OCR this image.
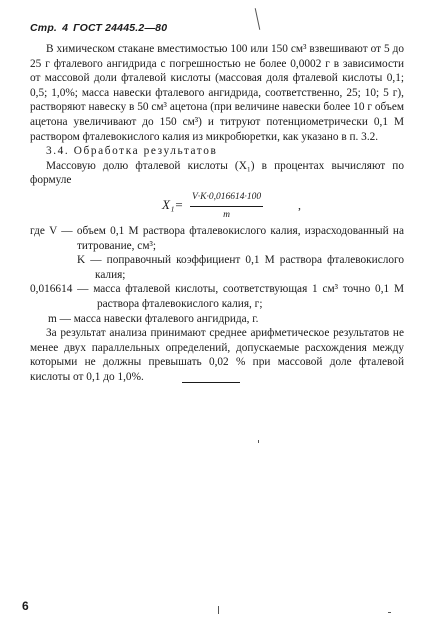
Стр. 4 ГОСТ 24445.2—80

В химическом стакане вместимостью 100 или 150 см³ взвешивают от 5 до 25 г фталевого ангидрида с погрешностью не более 0,0002 г в зависимости от массовой доли фталевой кислоты (массовая доля фталевой кислоты 0,1; 0,5; 1,0%; масса навески фталевого ангидрида, соответственно, 25; 10; 5 г), растворяют навеску в 50 см³ ацетона (при величине навески более 10 г объем ацетона увеличивают до 150 см³) и титруют потенциометрически 0,1 М раствором фталевокислого калия из микробюретки, как указано в п. 3.2.

3.4. Обработка результатов

Массовую долю фталевой кислоты (X₁) в процентах вычисляют по формуле

$X_1= \frac{V\cdot K\cdot 0,016614\cdot 100}{m}$	,

где V — объем 0,1 М раствора фталевокислого калия, израсходованный на титрование, см³;

K — поправочный коэффициент 0,1 М раствора фталевокислого калия;

0,016614 — масса фталевой кислоты, соответствующая 1 см³ точно 0,1 М раствора фталевокислого калия, г;

m — масса навески фталевого ангидрида, г.

За результат анализа принимают среднее арифметическое результатов не менее двух параллельных определений, допускаемые расхождения между которыми не должны превышать 0,02 % при массовой доле фталевой кислоты от 0,1 до 1,0%.

6
